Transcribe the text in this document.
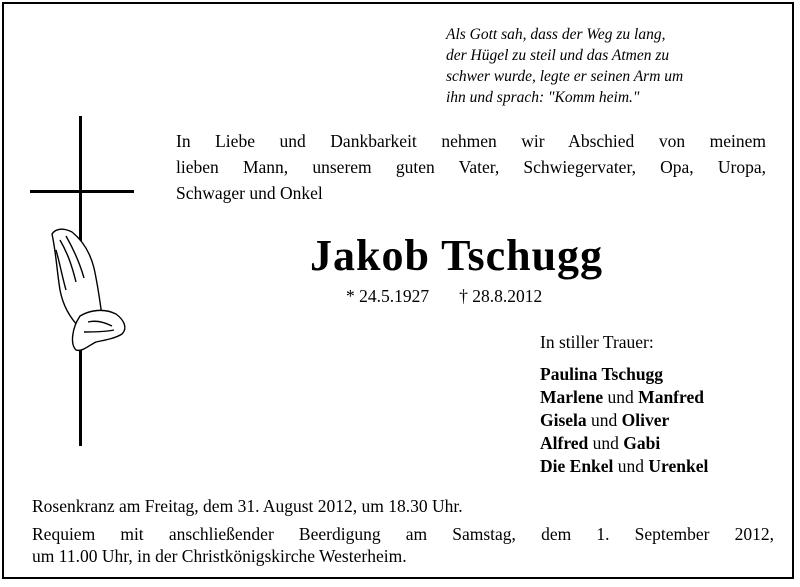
Als Gott sah, dass der Weg zu lang,
der Hügel zu steil und das Atmen zu
schwer wurde, legte er seinen Arm um
ihn und sprach: "Komm heim."
In Liebe und Dankbarkeit nehmen wir Abschied von meinem
lieben Mann, unserem guten Vater, Schwiegervater, Opa, Uropa,
Schwager und Onkel
Jakob Tschugg
* 24.5.1927 † 28.8.2012
In stiller Trauer:
Paulina Tschugg
Marlene und Manfred
Gisela und Oliver
Alfred und Gabi
Die Enkel und Urenkel
Rosenkranz am Freitag, dem 31. August 2012, um 18.30 Uhr.
Requiem mit anschließender Beerdigung am Samstag, dem 1. September 2012,
um 11.00 Uhr, in der Christkönigskirche Westerheim.
